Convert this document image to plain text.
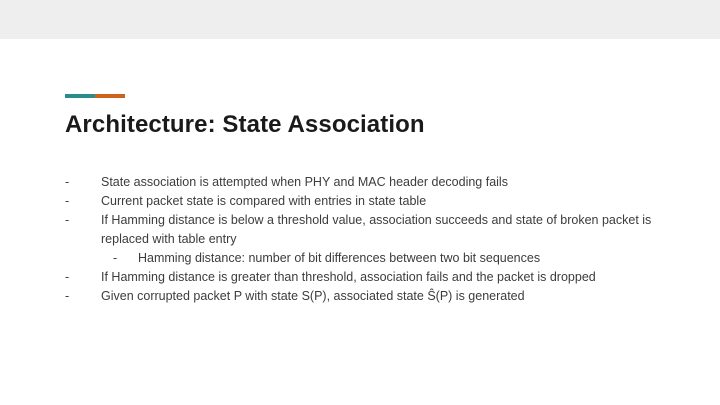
Architecture: State Association
-	State association is attempted when PHY and MAC header decoding fails
-	Current packet state is compared with entries in state table
-	If Hamming distance is below a threshold value, association succeeds and state of broken packet is replaced with table entry
-	Hamming distance: number of bit differences between two bit sequences
-	If Hamming distance is greater than threshold, association fails and the packet is dropped
-	Given corrupted packet P with state S(P), associated state Ŝ(P) is generated
